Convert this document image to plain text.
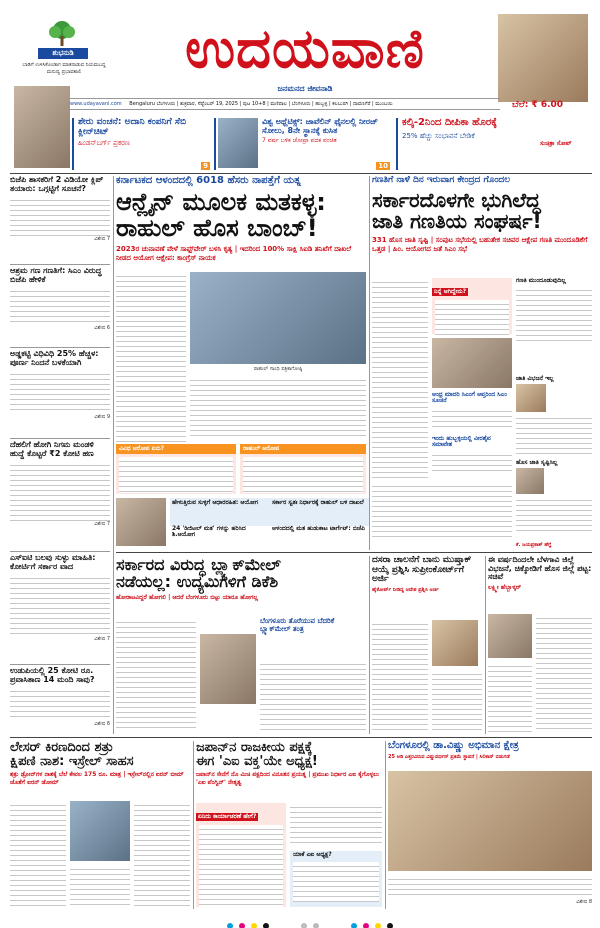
ಶುಭನುಡಿ
ಬಾಡಿಗೆ ಉಳಿಸಿಕೊಂಡಾಗ ಮಾತನಾಡುವ ನಿಯಮಬದ್ಧ ಮನುಷ್ಯ ಪ್ರಭಾವಶಾಲಿ	ಉದಯವಾಣಿ
ಜನಮನದ ಜೀವನಾಡಿ
ಸುಚಿತ್ರಾ ಸೋಪ್
www.udayavani.com Bengaluru ಬೆಂಗಳೂರು | ಶುಕ್ರವಾರ, ಸೆಪ್ಟೆಂಬರ್ 19, 2025 | ಪುಟ 10+8 | ಮಣಿಪಾಲ | ಬೆಂಗಳೂರು | ಹುಬ್ಬಳ್ಳಿ | ಕಲಬುರಗಿ | ದಾವಣಗೆರೆ | ಮುಂಬಯಿ	ಬೆಲೆ: ₹ 6.00
ಶೇರು ವಂಚನೆ: ಅದಾನಿ ಕಂಪನಿಗೆ ಸೆಬಿ ಕ್ಲೀನ್‌ಚಿಟ್
ಹಿಂಡನ್‌ಬರ್ಗ್ ಪ್ರಕರಣ
9
ವಿಶ್ವ ಅಥ್ಲೆಟಿಕ್ಸ್: ಜಾವೆಲಿನ್ ಫೈನಲಲ್ಲಿ ನೀರಜ್ ಸೋಲು, 8ನೇ ಸ್ಥಾನಕ್ಕೆ ಕುಸಿತ
7 ವರ್ಷ ಬಳಿಕ ಚೋಪ್ರಾ ಪದಕ ವಂಚಿತ
10
ಕಲ್ಕಿ-2ನಿಂದ ದೀಪಿಕಾ ಹೊರಕ್ಕೆ
25% ಹೆಚ್ಚು ಸಂಭಾವನೆ ಬೇಡಿಕೆ
ಬಿಜೆಪಿ ಶಾಸಕರಿಗೆ 2 ವಿಡಿಯೋ ಕ್ಲಿಪ್ ತಯಾರು: ಒಗ್ಗಟ್ಟಿಗೆ ಸೂಚನೆ?
ವಿಶೇಷ 7
ಆಶ್ರಮ ಗಣ ಗಣತಿಗೆ: ಸಿಎಂ ವಿರುದ್ಧ ಬಿಜೆಪಿ ಹೇಳಿಕೆ
ವಿಶೇಷ 6
ಅಡ್ಡಕಟ್ಟಿ ವಿಧಿವಿಧಿ 25% ಹೆಚ್ಚಳ: ಪೂರ್ಣ ನಿಂದನೆ ಬಳಕೆಯಾಗಿ
ವಿಶೇಷ 9
ದೆಹಲಿಗೆ ಹೋಗಿ ನಿಗಮ ಮಂಡಳಿ ಹುದ್ದೆ ಕೊಟ್ಟರೆ ₹2 ಕೋಟಿ ಹಣ
ವಿಶೇಷ 7
ಎಸ್‌ಐಟಿ ಬಲವು ಸುಳ್ಳು ಮಾಹಿತಿ: ಕೋರ್ಟಿಗೆ ಸರ್ಕಾರ ವಾದ
ವಿಶೇಷ 7
ಉಡುಪಿಯಲ್ಲಿ 25 ಕೋಟಿ ರೂ. ಪ್ರವಾಸಿತಾಣ 14 ಮಂದಿ ಸಾವು?
ವಿಶೇಷ 6
ಕರ್ನಾಟಕದ ಆಳಂದದಲ್ಲಿ 6018 ಹೆಸರು ನಾಪತ್ತೆಗೆ ಯತ್ನ
ಆನ್ಲೈನ್ ಮೂಲಕ ಮತಕಳ್ಳ:
ರಾಹುಲ್ ಹೊಸ ಬಾಂಬ್!
2023ರ ಚುನಾವಣೆ ವೇಳೆ ಸಾಫ್ಟ್‌ವೇರ್ ಬಳಸಿ ಕೃತ್ಯ | ಇದರಿಂದ 100% ಸಾಕ್ಷಿ ಸಿಐಡಿ ತನಿಖೆಗೆ ದಾಖಲೆ ನೀಡದ ಆಯೋಗ ಆಕ್ಷೇಪ: ಕಾಂಗ್ರೆಸ್ ನಾಯಕ
ರಾಹುಲ್ ಗಾಂಧಿ ಪತ್ರಿಕಾಗೋಷ್ಠಿ
ವಿವಿಧ ಆರೋಪ ಏನು?	ರಾಹುಲ್ ಆರೋಪ
ಹೇಳುತ್ತಿರುವ ಸುಳ್ಳಿಗೆ ಆಧಾರರಹಿತ: ಆಯೋಗ	ಸರ್ಕಾರ ಸ್ವತಃ ನಿರ್ಧಾರಕ್ಕೆ ರಾಹುಲ್ ಬಳಿ ದಾಖಲೆ
24 'ಡಿಜಿಟಲ್ ಮತ' ಗಳನ್ನು ಹರಿಸಿದ ಶಿ.ಆಯೋಗ
ಆಳಂದದಲ್ಲಿ ಮತ ಹುಡುಕಾಟ ಟಾರ್ಗೆಟ್: ಬಿಜೆಪಿ
ಗಣತಿಗೆ ನಾಳೆ ದಿನ ಇರುವಾಗ ಕೇಂದ್ರದ ಗೊಂದಲ
ಸರ್ಕಾರದೊಳಗೇ ಭುಗಿಲೆದ್ದ
ಜಾತಿ ಗಣತಿಯ ಸಂಘರ್ಷ!
331 ಹೊಸ ಜಾತಿ ಸೃಷ್ಟಿ | ಸಂಪುಟ ಸಭೆಯಲ್ಲಿ ಬಹುತೇಕ ಸಚಿವರ ಆಕ್ಷೇಪ ಗಣತಿ ಮುಂದೂಡಿಕೆಗೆ ಒತ್ತಡ | ಹಿಂ. ಆಯೋಗದ ಜತೆ ಸಿಎಂ ಸಭೆ
ನಿನ್ನೆ ಆಗಿದ್ದೇನು?
ಗಣತಿ ಮುಂದೂಡುವುದಿಲ್ಲ
ಆಂಧ್ರ ಮಾದರಿ ಸಿಎಂಗೆ ಆಪ್ತರಿಂದ ಸಿಎಂ ಸೂಚನೆ
ಜಾತಿ ವಿಭಜನೆ ಇಲ್ಲ
ಇಂದು ಹುಬ್ಬಳ್ಳಿಯಲ್ಲಿ ವೀರಶೈವ ಸಮಾವೇಶ
ಹೊಸ ಜಾತಿ ಸೃಷ್ಟಿಸಿಲ್ಲ
ಕೆ. ಜಯಪ್ರಕಾಶ್ ಹೆಗ್ಡೆ
ಸರ್ಕಾರದ ವಿರುದ್ಧ ಬ್ಲ್ಯಾಕ್‌ಮೇಲ್
ನಡೆಯಲ್ಲ: ಉದ್ಯಮಿಗಳಿಗೆ ಡಿಕೆಶಿ
ಹೋರಾಟವಿದ್ದರೆ ಹೋಗಲಿ | ಆದರೆ ಬೆಂಗಳೂರು ಬಿಟ್ಟು ಯಾರೂ ಹೋಗಲ್ಲ
ಬೆಂಗಳೂರು ತೊರೆಯುವ ಬೆದರಿಕೆ ಬ್ಲ್ಯಾಕ್‌ಮೇಲ್ ತಂತ್ರ
ದಸರಾ ಚಾಲನೆಗೆ ಬಾನು ಮುಷ್ತಾಕ್ ಆಯ್ಕೆ ಪ್ರಶ್ನಿಸಿ ಸುಪ್ರೀಂಕೋರ್ಟ್‌ಗೆ ಅರ್ಜಿ
ಹೈಕೋರ್ಟ್ ನೀಡಿದ್ದ ಆದೇಶ ಪ್ರಶ್ನಿಸಿ ಅರ್ಜಿ
ಈ ವರ್ಷದಿಂದಲೇ ಬೆಳಗಾವಿ ಜಿಲ್ಲೆ ವಿಭಜನೆ, ಚಿಕ್ಕೋಡಿಗೆ ಹೊಸ ಜಿಲ್ಲೆ ಪಟ್ಟ: ಸಚಿವೆ
ಲಕ್ಷ್ಮೀ ಹೆಬ್ಬಾಳ್ಕರ್
ಲೇಸರ್ ಕಿರಣದಿಂದ ಶತ್ರು
ಕ್ಷಿಪಣಿ ನಾಶ: ಇಸ್ರೇಲ್ ಸಾಹಸ
ಶತ್ರು ಡ್ರೋನ್‌ಗಳ ನಾಶಕ್ಕೆ ಬೆಲೆ ಕೇವಲ 175 ರೂ. ಮಾತ್ರ | ಇಸ್ರೇಲ್‌ನಲ್ಲಿನ ಐರನ್ ಬೀಮ್ ಜೊತೆಗೆ ಐರನ್ ಡೋಮ್
ಜಪಾನ್‌ನ ರಾಜಕೀಯ ಪಕ್ಷಕ್ಕೆ
ಈಗ 'ಎಐ ವಕ್ತ'ಯೇ ಅಧ್ಯಕ್ಷ!
ಜಪಾನ್‌ನ ಸೇನೆಗೆ ನೊ ಮಿಚಿ ಪಕ್ಷದಿಂದ ವಿನೂತನ ಪ್ರಯತ್ನ | ಪ್ರಮುಖ ನಿರ್ಧಾರ ಎಐ ಕೈಗೊಳ್ಳಲು 'ಎಐ ಪೆಂಗ್ವಿನ್' ನೇತೃತ್ವ
ಏನಿದು ಕಾರ್ಯಾಚರಣೆ ಹೇಗೆ?
ಯಾಕೆ ಎಐ ಅಧ್ಯಕ್ಷ?
ಬೆಂಗಳೂರಲ್ಲಿ ಡಾ.ವಿಷ್ಣು ಅಭಿಮಾನ ಕ್ಷೇತ್ರ
25 ಅಡಿ ಎತ್ತರವಿರುವ ವಿಷ್ಣುವರ್ಧನ್ ಪ್ರತಿಮೆ ಸ್ಥಾಪನೆ | ಸಿಲಿಕಾನ್ ಬಿಡುಗಡೆ
ವಿಶೇಷ 8
